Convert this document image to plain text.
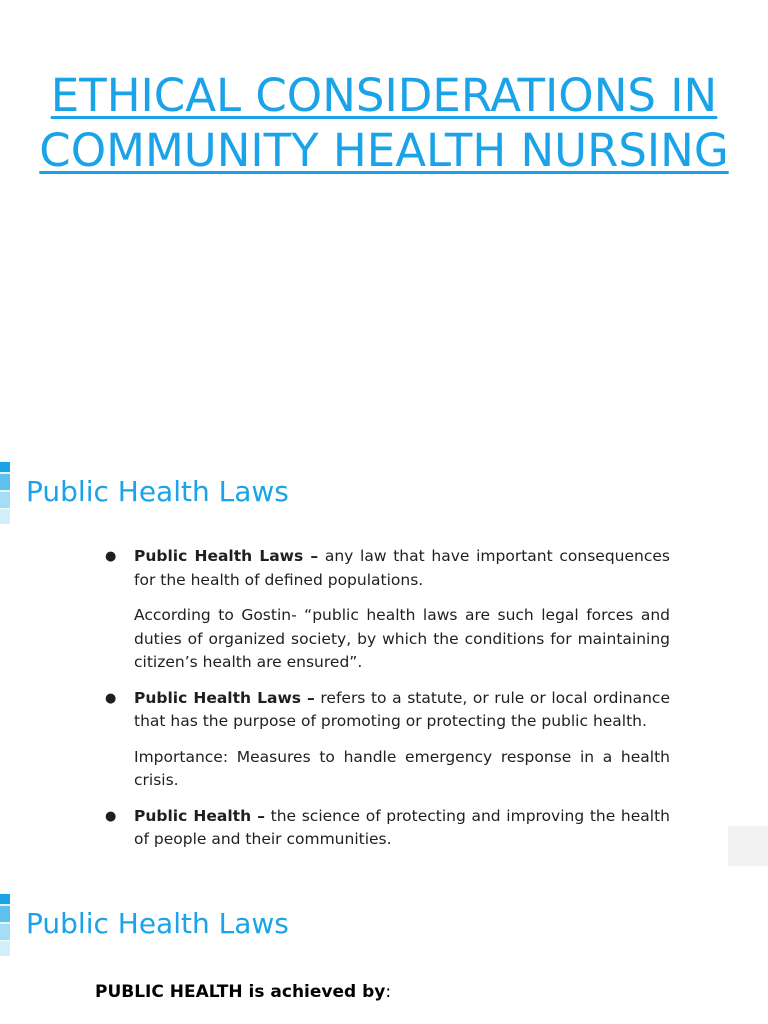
ETHICAL CONSIDERATIONS IN COMMUNITY HEALTH NURSING
Public Health Laws
● Public Health Laws – any law that have important consequences for the health of defined populations.
According to Gostin- “public health laws are such legal forces and duties of organized society, by which the conditions for maintaining citizen’s health are ensured”.
● Public Health Laws – refers to a statute, or rule or local ordinance that has the purpose of promoting or protecting the public health.
Importance: Measures to handle emergency response in a health crisis.
● Public Health – the science of protecting and improving the health of people and their communities.
Public Health Laws

PUBLIC HEALTH is achieved by:
